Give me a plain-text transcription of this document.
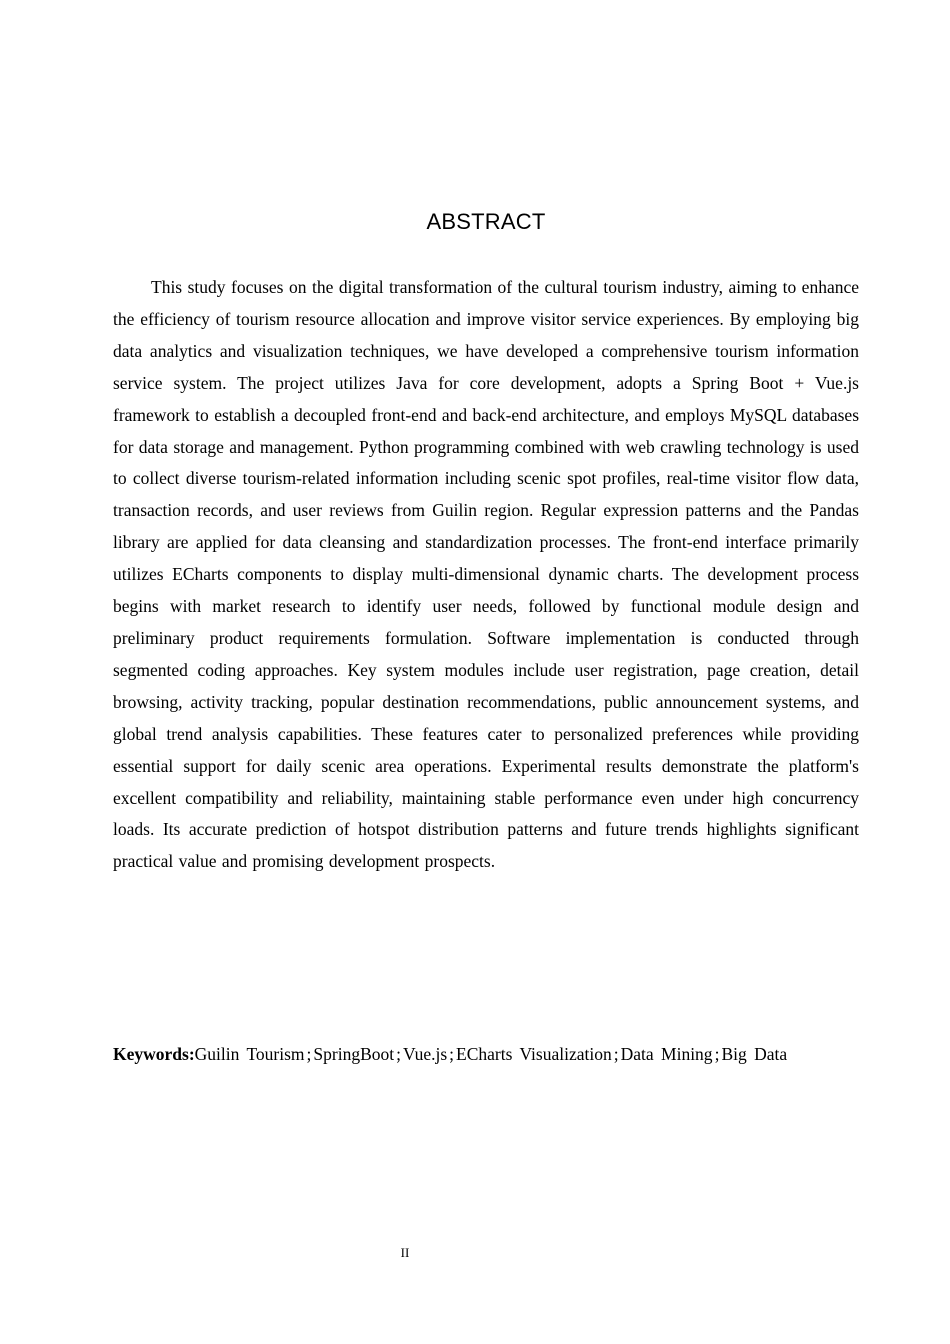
ABSTRACT

This study focuses on the digital transformation of the cultural tourism industry, aiming to enhance the efficiency of tourism resource allocation and improve visitor service experiences. By employing big data analytics and visualization techniques, we have developed a comprehensive tourism information service system. The project utilizes Java for core development, adopts a Spring Boot + Vue.js framework to establish a decoupled front-end and back-end architecture, and employs MySQL databases for data storage and management. Python programming combined with web crawling technology is used to collect diverse tourism-related information including scenic spot profiles, real-time visitor flow data, transaction records, and user reviews from Guilin region. Regular expression patterns and the Pandas library are applied for data cleansing and standardization processes. The front-end interface primarily utilizes ECharts components to display multi-dimensional dynamic charts. The development process begins with market research to identify user needs, followed by functional module design and preliminary product requirements formulation. Software implementation is conducted through segmented coding approaches. Key system modules include user registration, page creation, detail browsing, activity tracking, popular destination recommendations, public announcement systems, and global trend analysis capabilities. These features cater to personalized preferences while providing essential support for daily scenic area operations. Experimental results demonstrate the platform's excellent compatibility and reliability, maintaining stable performance even under high concurrency loads. Its accurate prediction of hotspot distribution patterns and future trends highlights significant practical value and promising development prospects.

Keywords:Guilin Tourism ; SpringBoot ; Vue.js ; ECharts Visualization ; Data Mining ; Big Data

II
